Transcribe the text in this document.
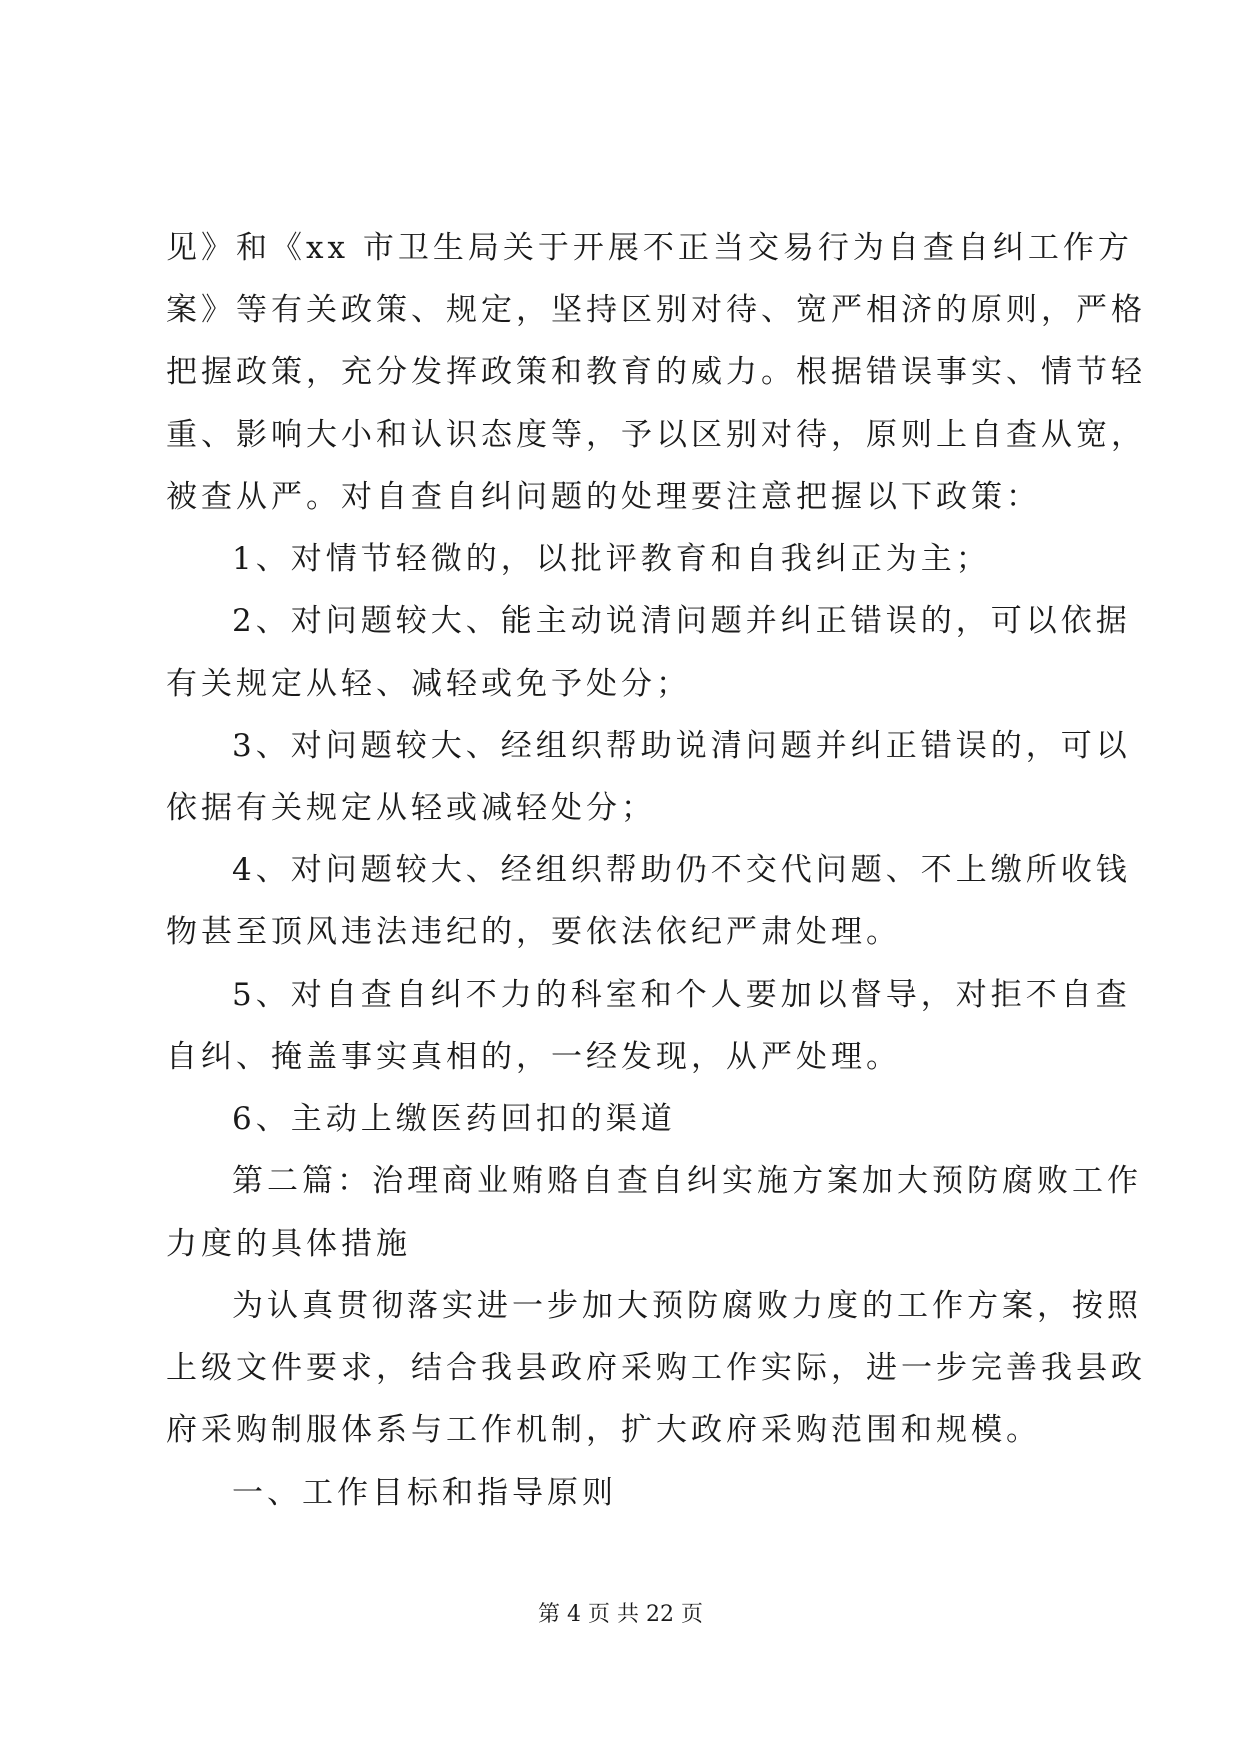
见》和《xx 市卫生局关于开展不正当交易行为自查自纠工作方
案》等有关政策、规定，坚持区别对待、宽严相济的原则，严格
把握政策，充分发挥政策和教育的威力。根据错误事实、情节轻
重、影响大小和认识态度等，予以区别对待，原则上自查从宽，
被查从严。对自查自纠问题的处理要注意把握以下政策：
1、对情节轻微的，以批评教育和自我纠正为主；
2、对问题较大、能主动说清问题并纠正错误的，可以依据
有关规定从轻、减轻或免予处分；
3、对问题较大、经组织帮助说清问题并纠正错误的，可以
依据有关规定从轻或减轻处分；
4、对问题较大、经组织帮助仍不交代问题、不上缴所收钱
物甚至顶风违法违纪的，要依法依纪严肃处理。
5、对自查自纠不力的科室和个人要加以督导，对拒不自查
自纠、掩盖事实真相的，一经发现，从严处理。
6、主动上缴医药回扣的渠道
第二篇：治理商业贿赂自查自纠实施方案加大预防腐败工作
力度的具体措施
为认真贯彻落实进一步加大预防腐败力度的工作方案，按照
上级文件要求，结合我县政府采购工作实际，进一步完善我县政
府采购制服体系与工作机制，扩大政府采购范围和规模。
一、工作目标和指导原则
第 4 页 共 22 页
